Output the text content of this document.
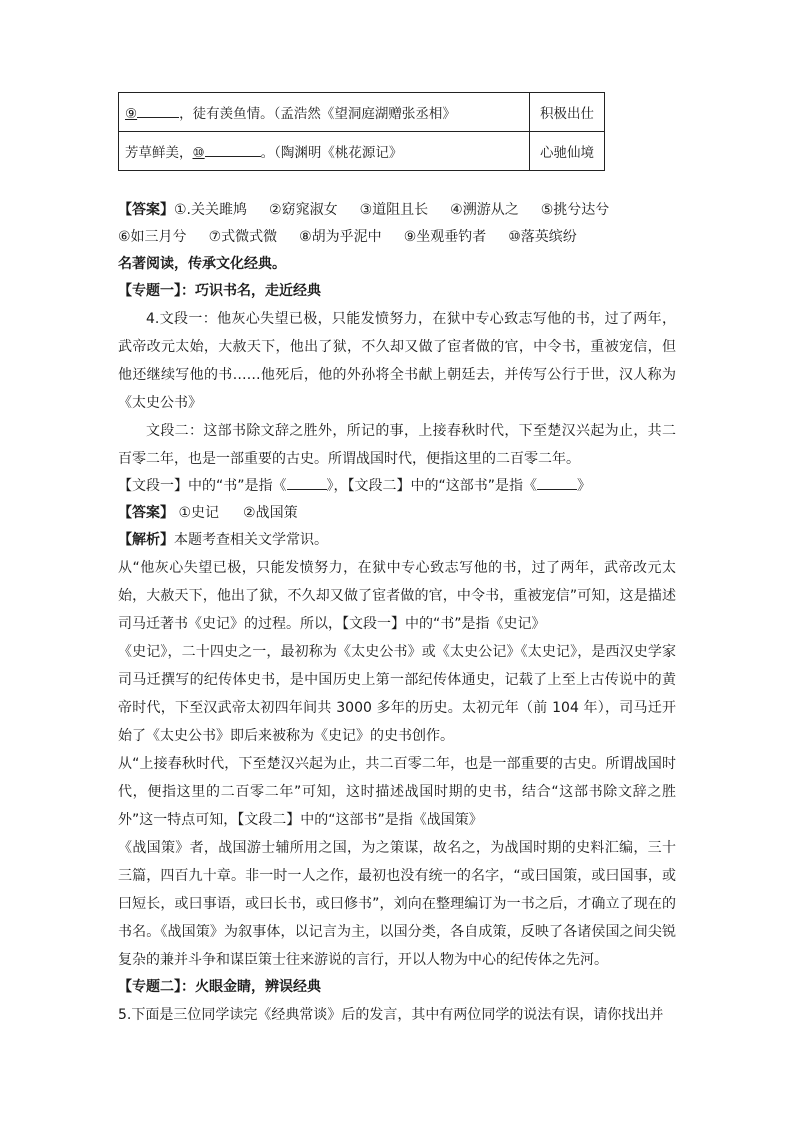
⑨ ，徒有羡鱼情。（孟浩然《望洞庭湖赠张丞相》	积极出仕
芳草鲜美，⑩ 。（陶渊明《桃花源记》	心驰仙境
【答案】①.关关雎鸠 ②窈窕淑女 ③道阻且长 ④溯游从之 ⑤挑兮达兮
⑥如三月兮 ⑦式微式微 ⑧胡为乎泥中 ⑨坐观垂钓者 ⑩落英缤纷
名著阅读，传承文化经典。
【专题一】：巧识书名，走近经典

4.文段一：他灰心失望已极，只能发愤努力，在狱中专心致志写他的书，过了两年，武帝改元太始，大赦天下，他出了狱，不久却又做了宦者做的官，中令书，重被宠信，但他还继续写他的书……他死后，他的外孙将全书献上朝廷去，并传写公行于世，汉人称为《太史公书》

文段二：这部书除文辞之胜外，所记的事，上接春秋时代，下至楚汉兴起为止，共二百零二年，也是一部重要的古史。所谓战国时代，便指这里的二百零二年。

【文段一】中的“书”是指《	》，【文段二】中的“这部书”是指《	》
【答案】 ①史记 ②战国策
【解析】本题考查相关文学常识。

从“他灰心失望已极，只能发愤努力，在狱中专心致志写他的书，过了两年，武帝改元太始，大赦天下，他出了狱，不久却又做了宦者做的官，中令书，重被宠信”可知，这是描述司马迁著书《史记》的过程。所以，【文段一】中的“书”是指《史记》

《史记》，二十四史之一，最初称为《太史公书》或《太史公记》《太史记》，是西汉史学家司马迁撰写的纪传体史书，是中国历史上第一部纪传体通史，记载了上至上古传说中的黄帝时代，下至汉武帝太初四年间共 3000 多年的历史。太初元年（前 104 年），司马迁开始了《太史公书》即后来被称为《史记》的史书创作。

从“上接春秋时代，下至楚汉兴起为止，共二百零二年，也是一部重要的古史。所谓战国时代，便指这里的二百零二年”可知，这时描述战国时期的史书，结合“这部书除文辞之胜外”这一特点可知，【文段二】中的“这部书”是指《战国策》

《战国策》者，战国游士辅所用之国，为之策谋，故名之，为战国时期的史料汇编，三十三篇，四百九十章。非一时一人之作，最初也没有统一的名字，“或曰国策，或曰国事，或曰短长，或曰事语，或曰长书，或曰修书”，刘向在整理编订为一书之后，才确立了现在的书名。《战国策》为叙事体，以记言为主，以国分类，各自成策，反映了各诸侯国之间尖锐复杂的兼并斗争和谋臣策士往来游说的言行，开以人物为中心的纪传体之先河。

【专题二】：火眼金睛，辨误经典

5.下面是三位同学读完《经典常谈》后的发言，其中有两位同学的说法有误，请你找出并
